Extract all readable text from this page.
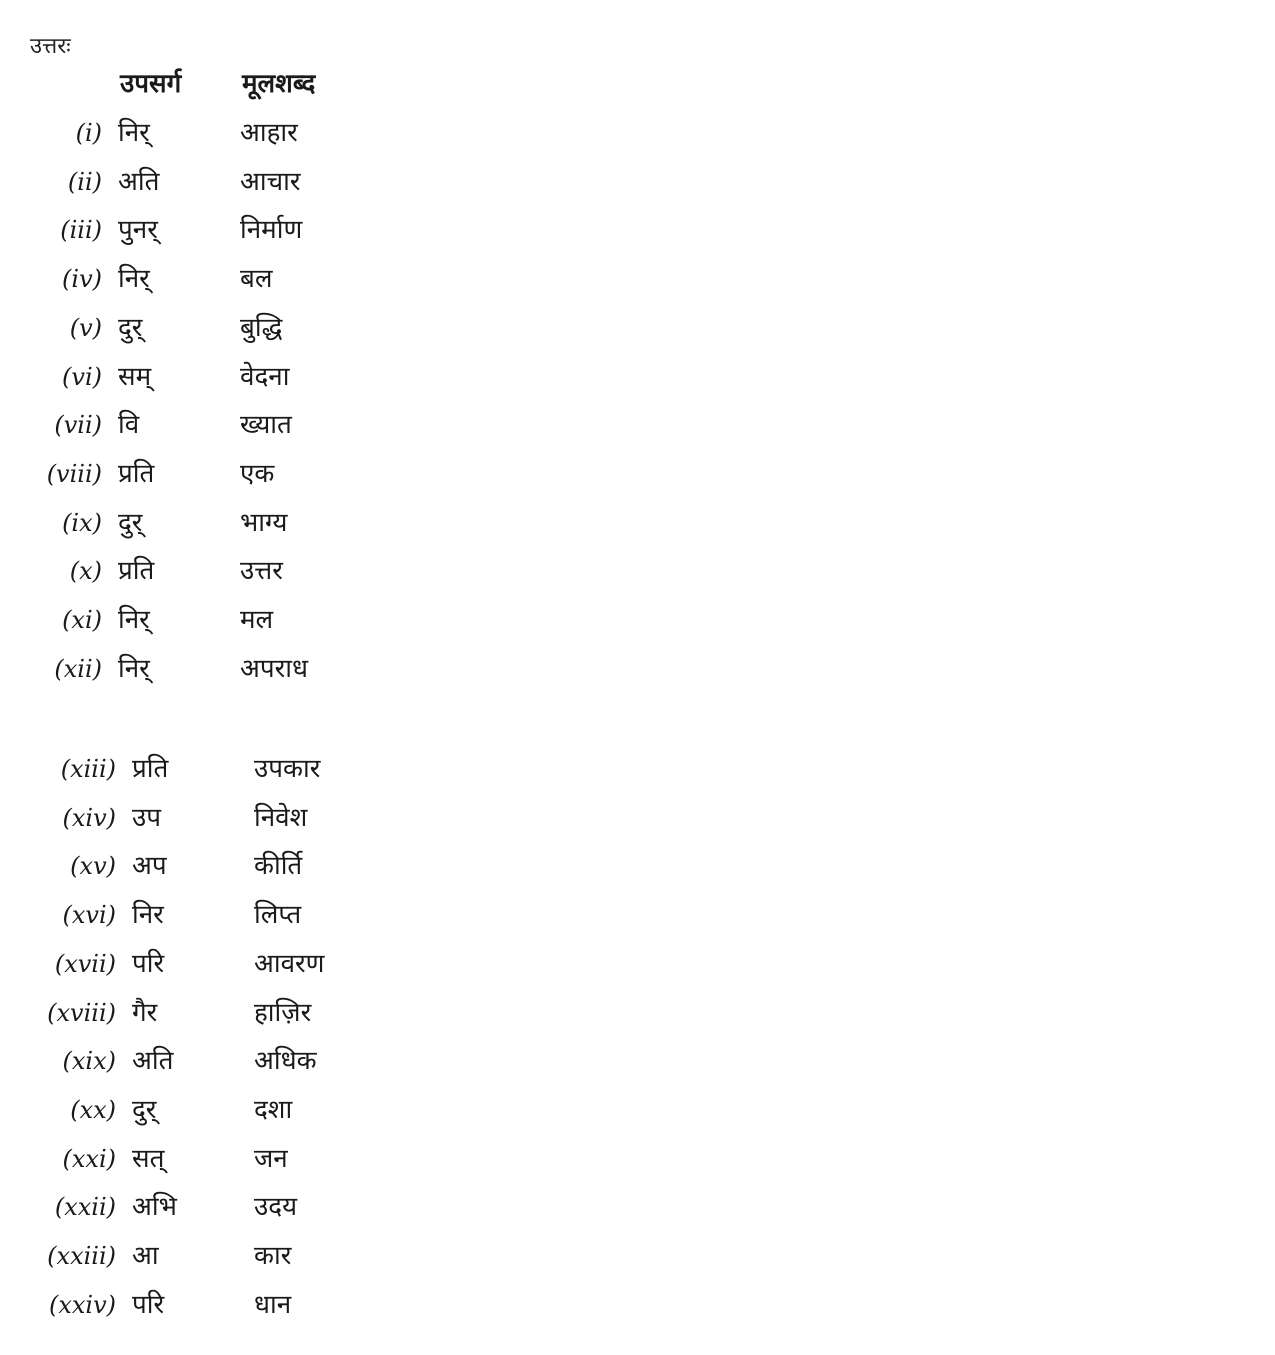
उत्तरः
उपसर्ग मूलशब्द
(i) निर्	आहार
(ii) अति	आचार
(iii) पुनर्	निर्माण
(iv) निर्	बल
(v) दुर्	बुद्धि
(vi) सम्	वेदना
(vii) वि	ख्यात
(viii) प्रति	एक
(ix) दुर्	भाग्य
(x) प्रति	उत्तर
(xi) निर्	मल
(xii) निर्	अपराध
(xiii) प्रति	उपकार
(xiv) उप	निवेश
(xv) अप	कीर्ति
(xvi) निर	लिप्त
(xvii) परि	आवरण
(xviii) गैर	हाज़िर
(xix) अति	अधिक
(xx) दुर्	दशा
(xxi) सत्	जन
(xxii) अभि	उदय
(xxiii) आ	कार
(xxiv) परि	धान
